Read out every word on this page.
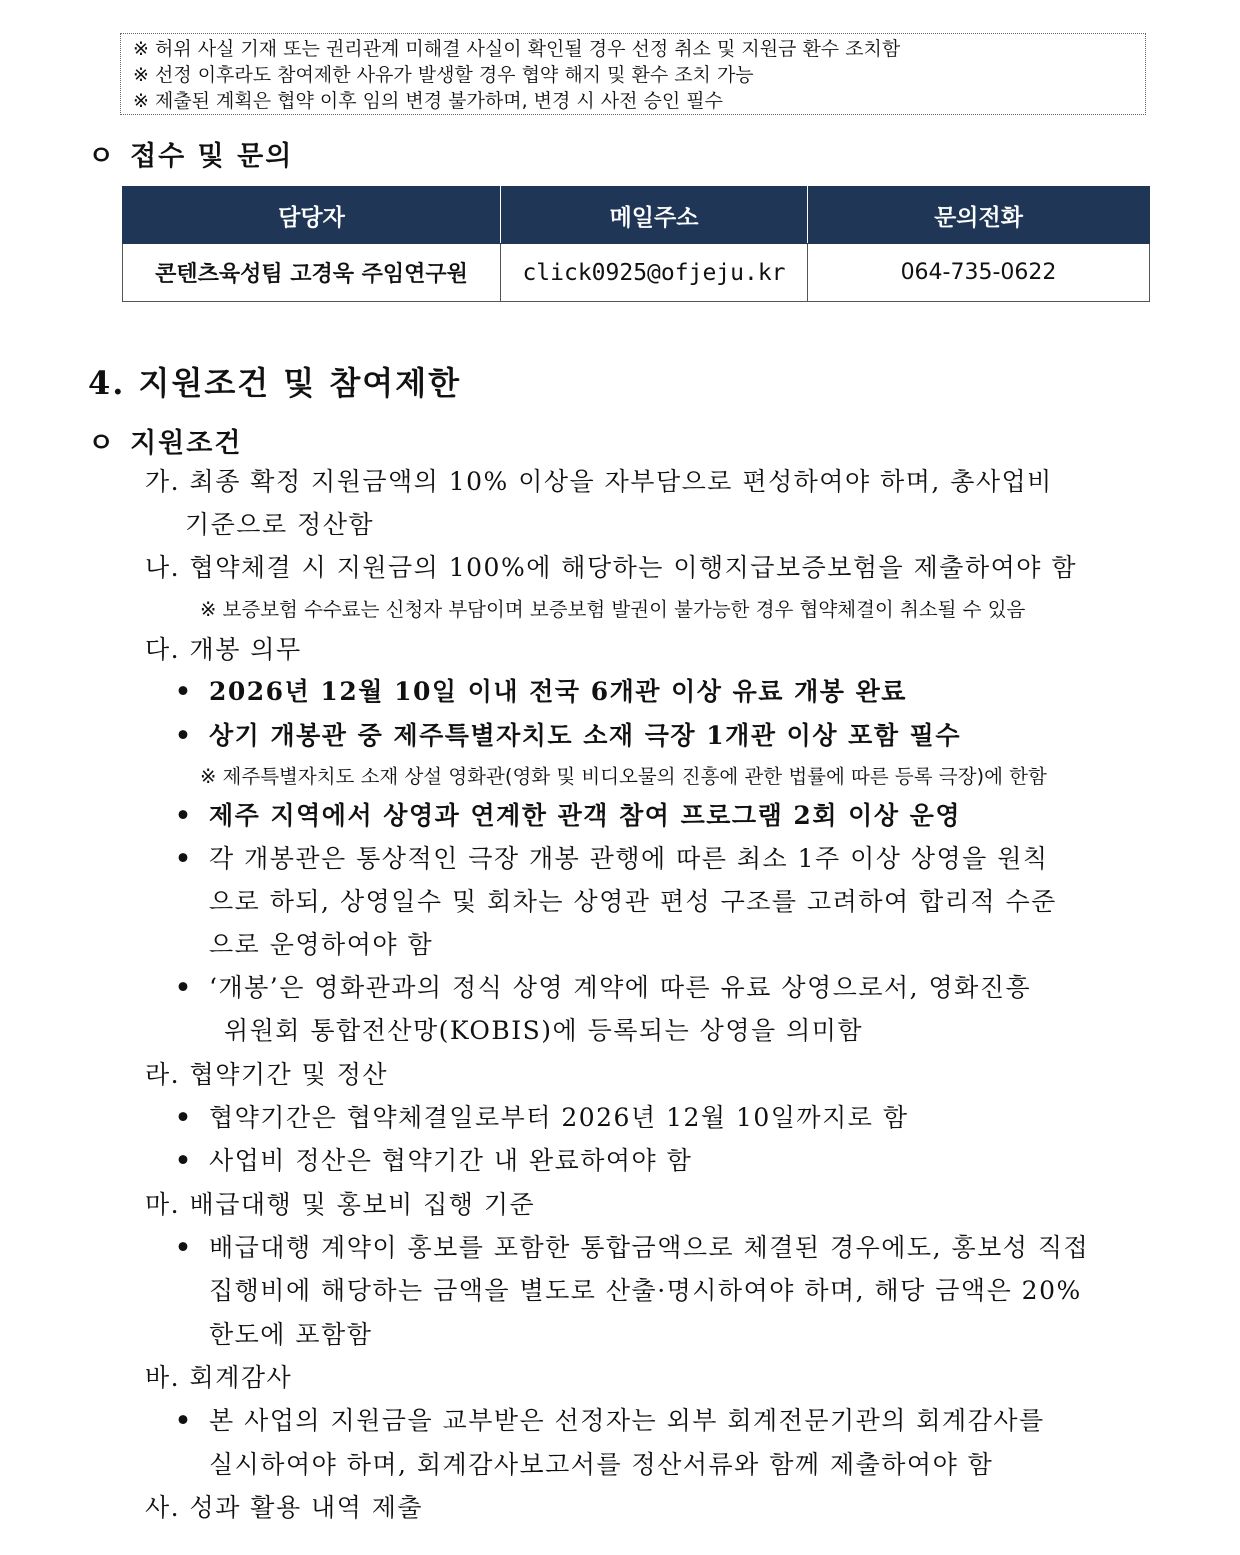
※ 허위 사실 기재 또는 권리관계 미해결 사실이 확인될 경우 선정 취소 및 지원금 환수 조치함
※ 선정 이후라도 참여제한 사유가 발생할 경우 협약 해지 및 환수 조치 가능
※ 제출된 계획은 협약 이후 임의 변경 불가하며, 변경 시 사전 승인 필수
ㅇ 접수 및 문의
담당자	메일주소	문의전화
콘텐츠육성팀 고경욱 주임연구원	click0925@ofjeju.kr	064-735-0622
4. 지원조건 및 참여제한
ㅇ 지원조건
가. 최종 확정 지원금액의 10% 이상을 자부담으로 편성하여야 하며, 총사업비
기준으로 정산함
나. 협약체결 시 지원금의 100%에 해당하는 이행지급보증보험을 제출하여야 함
※ 보증보험 수수료는 신청자 부담이며 보증보험 발권이 불가능한 경우 협약체결이 취소될 수 있음
다. 개봉 의무
• 2026년 12월 10일 이내 전국 6개관 이상 유료 개봉 완료
• 상기 개봉관 중 제주특별자치도 소재 극장 1개관 이상 포함 필수
※ 제주특별자치도 소재 상설 영화관(영화 및 비디오물의 진흥에 관한 법률에 따른 등록 극장)에 한함
• 제주 지역에서 상영과 연계한 관객 참여 프로그램 2회 이상 운영
• 각 개봉관은 통상적인 극장 개봉 관행에 따른 최소 1주 이상 상영을 원칙
으로 하되, 상영일수 및 회차는 상영관 편성 구조를 고려하여 합리적 수준
으로 운영하여야 함
• ‘개봉’은 영화관과의 정식 상영 계약에 따른 유료 상영으로서, 영화진흥
위원회 통합전산망(KOBIS)에 등록되는 상영을 의미함
라. 협약기간 및 정산
• 협약기간은 협약체결일로부터 2026년 12월 10일까지로 함
• 사업비 정산은 협약기간 내 완료하여야 함
마. 배급대행 및 홍보비 집행 기준
• 배급대행 계약이 홍보를 포함한 통합금액으로 체결된 경우에도, 홍보성 직접
집행비에 해당하는 금액을 별도로 산출·명시하여야 하며, 해당 금액은 20%
한도에 포함함
바. 회계감사
• 본 사업의 지원금을 교부받은 선정자는 외부 회계전문기관의 회계감사를
실시하여야 하며, 회계감사보고서를 정산서류와 함께 제출하여야 함
사. 성과 활용 내역 제출
